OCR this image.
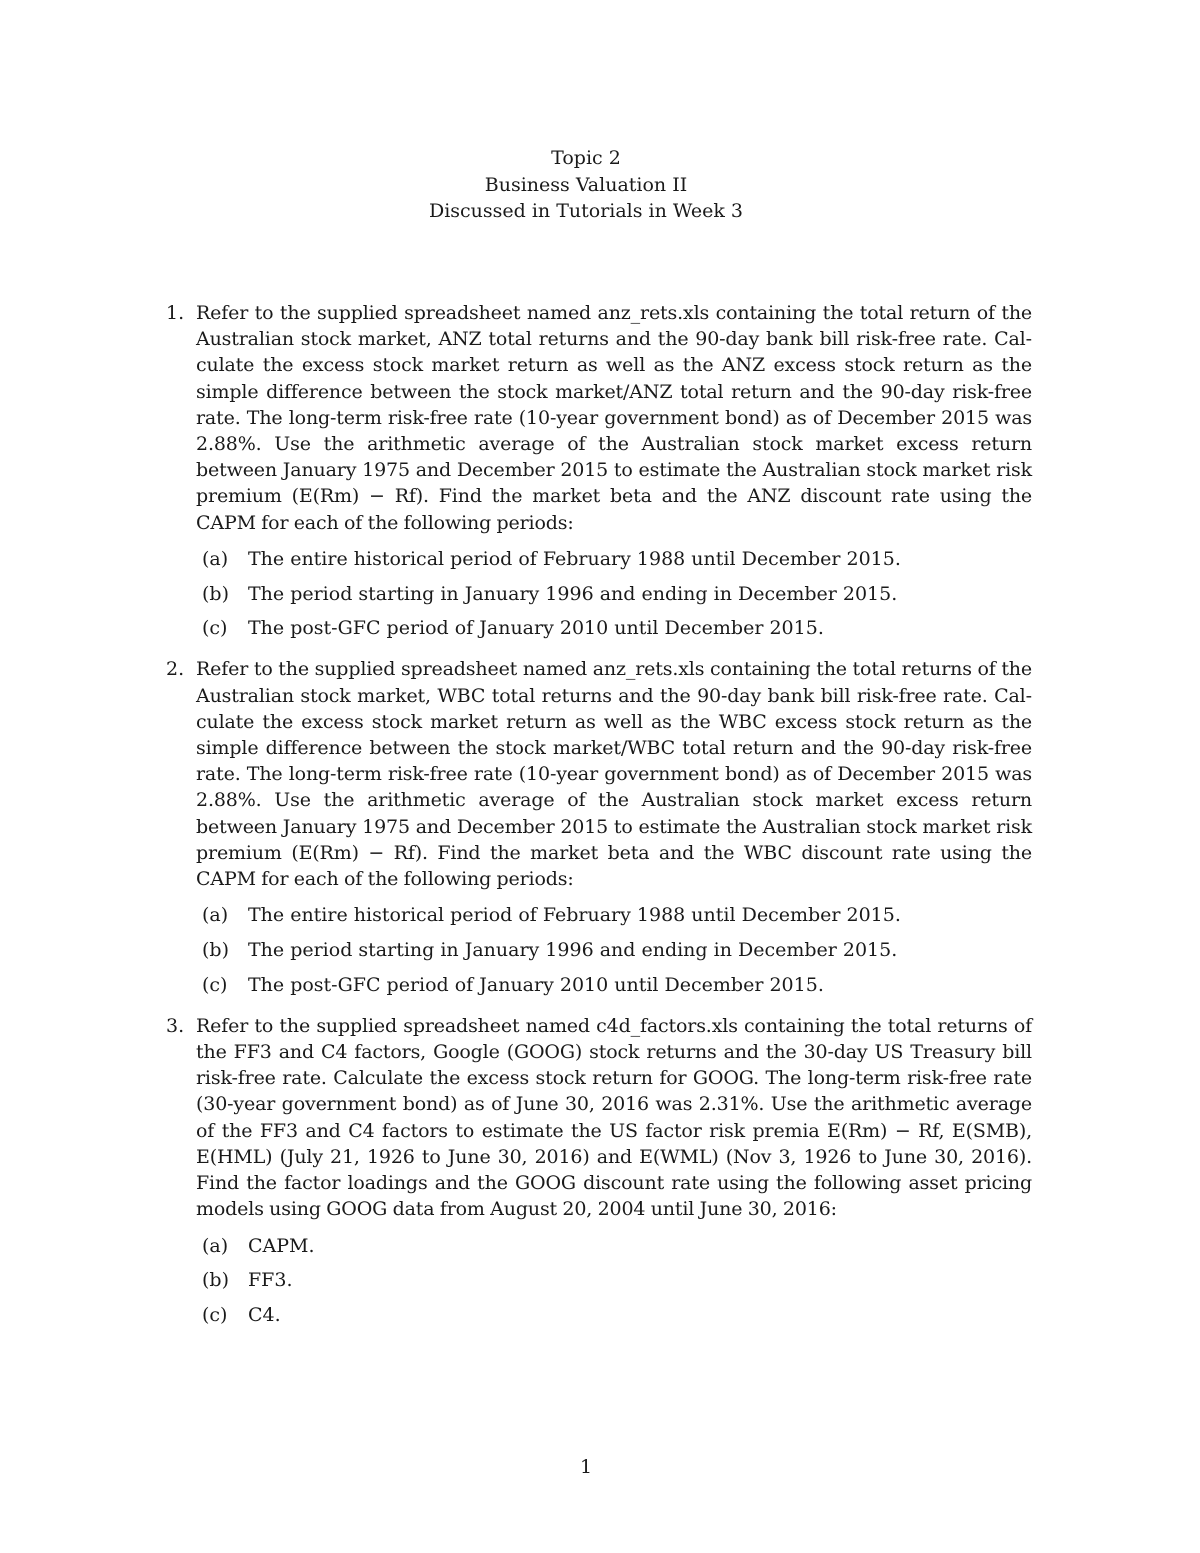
Topic 2
Business Valuation II
Discussed in Tutorials in Week 3
1. Refer to the supplied spreadsheet named anz_rets.xls containing the total return of the Australian stock market, ANZ total returns and the 90-day bank bill risk-free rate. Calculate the excess stock market return as well as the ANZ excess stock return as the simple difference between the stock market/ANZ total return and the 90-day risk-free rate. The long-term risk-free rate (10-year government bond) as of December 2015 was 2.88%. Use the arithmetic average of the Australian stock market excess return between January 1975 and December 2015 to estimate the Australian stock market risk premium (E(Rm) − Rf). Find the market beta and the ANZ discount rate using the CAPM for each of the following periods:
(a) The entire historical period of February 1988 until December 2015.
(b) The period starting in January 1996 and ending in December 2015.
(c) The post-GFC period of January 2010 until December 2015.
2. Refer to the supplied spreadsheet named anz_rets.xls containing the total returns of the Australian stock market, WBC total returns and the 90-day bank bill risk-free rate. Calculate the excess stock market return as well as the WBC excess stock return as the simple difference between the stock market/WBC total return and the 90-day risk-free rate. The long-term risk-free rate (10-year government bond) as of December 2015 was 2.88%. Use the arithmetic average of the Australian stock market excess return between January 1975 and December 2015 to estimate the Australian stock market risk premium (E(Rm) − Rf). Find the market beta and the WBC discount rate using the CAPM for each of the following periods:
(a) The entire historical period of February 1988 until December 2015.
(b) The period starting in January 1996 and ending in December 2015.
(c) The post-GFC period of January 2010 until December 2015.
3. Refer to the supplied spreadsheet named c4d_factors.xls containing the total returns of the FF3 and C4 factors, Google (GOOG) stock returns and the 30-day US Treasury bill risk-free rate. Calculate the excess stock return for GOOG. The long-term risk-free rate (30-year government bond) as of June 30, 2016 was 2.31%. Use the arithmetic average of the FF3 and C4 factors to estimate the US factor risk premia E(Rm) − Rf, E(SMB), E(HML) (July 21, 1926 to June 30, 2016) and E(WML) (Nov 3, 1926 to June 30, 2016). Find the factor loadings and the GOOG discount rate using the following asset pricing models using GOOG data from August 20, 2004 until June 30, 2016:
(a) CAPM.
(b) FF3.
(c) C4.
1
